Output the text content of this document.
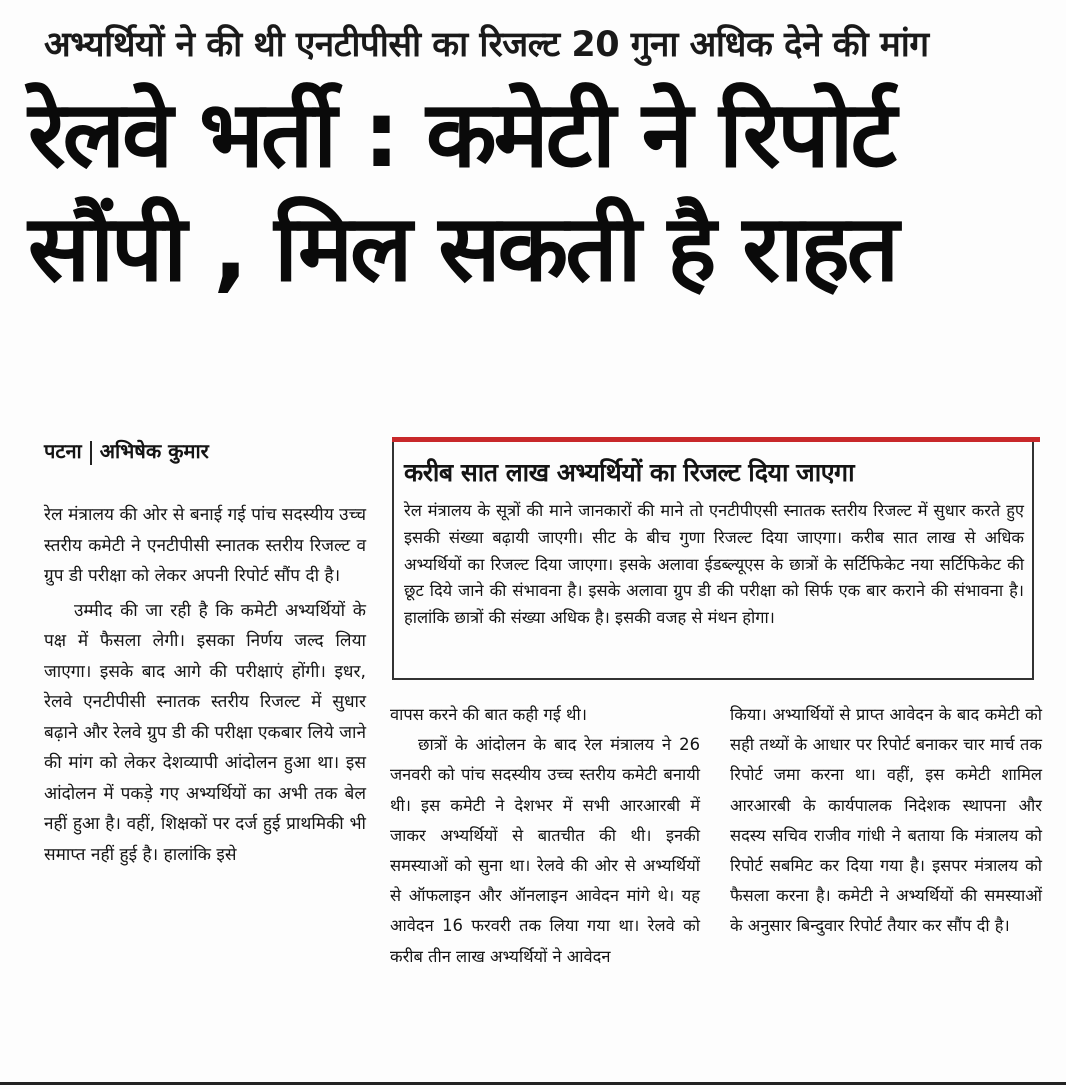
अभ्यर्थियों ने की थी एनटीपीसी का रिजल्ट 20 गुना अधिक देने की मांग
रेलवे भर्ती : कमेटी ने रिपोर्ट
सौंपी , मिल सकती है राहत
पटना अभिषेक कुमार

रेल मंत्रालय की ओर से बनाई गई पांच सदस्यीय उच्च स्तरीय कमेटी ने एनटीपीसी स्नातक स्तरीय रिजल्ट व ग्रुप डी परीक्षा को लेकर अपनी रिपोर्ट सौंप दी है।

उम्मीद की जा रही है कि कमेटी अभ्यर्थियों के पक्ष में फैसला लेगी। इसका निर्णय जल्द लिया जाएगा। इसके बाद आगे की परीक्षाएं होंगी। इधर, रेलवे एनटीपीसी स्नातक स्तरीय रिजल्ट में सुधार बढ़ाने और रेलवे ग्रुप डी की परीक्षा एकबार लिये जाने की मांग को लेकर देशव्यापी आंदोलन हुआ था। इस आंदोलन में पकड़े गए अभ्यर्थियों का अभी तक बेल नहीं हुआ है। वहीं, शिक्षकों पर दर्ज हुई प्राथमिकी भी समाप्त नहीं हुई है। हालांकि इसे

करीब सात लाख अभ्यर्थियों का रिजल्ट दिया जाएगा
रेल मंत्रालय के सूत्रों की माने जानकारों की माने तो एनटीपीएसी स्नातक स्तरीय रिजल्ट में सुधार करते हुए इसकी संख्या बढ़ायी जाएगी। सीट के बीच गुणा रिजल्ट दिया जाएगा। करीब सात लाख से अधिक अभ्यर्थियों का रिजल्ट दिया जाएगा। इसके अलावा ईडब्ल्यूएस के छात्रों के सर्टिफिकेट नया सर्टिफिकेट की छूट दिये जाने की संभावना है। इसके अलावा ग्रुप डी की परीक्षा को सिर्फ एक बार कराने की संभावना है। हालांकि छात्रों की संख्या अधिक है। इसकी वजह से मंथन होगा।

वापस करने की बात कही गई थी।

छात्रों के आंदोलन के बाद रेल मंत्रालय ने 26 जनवरी को पांच सदस्यीय उच्च स्तरीय कमेटी बनायी थी। इस कमेटी ने देशभर में सभी आरआरबी में जाकर अभ्यर्थियों से बातचीत की थी। इनकी समस्याओं को सुना था। रेलवे की ओर से अभ्यर्थियों से ऑफलाइन और ऑनलाइन आवेदन मांगे थे। यह आवेदन 16 फरवरी तक लिया गया था। रेलवे को करीब तीन लाख अभ्यर्थियों ने आवेदन

किया। अभ्यार्थियों से प्राप्त आवेदन के बाद कमेटी को सही तथ्यों के आधार पर रिपोर्ट बनाकर चार मार्च तक रिपोर्ट जमा करना था। वहीं, इस कमेटी शामिल आरआरबी के कार्यपालक निदेशक स्थापना और सदस्य सचिव राजीव गांधी ने बताया कि मंत्रालय को रिपोर्ट सबमिट कर दिया गया है। इसपर मंत्रालय को फैसला करना है। कमेटी ने अभ्यर्थियों की समस्याओं के अनुसार बिन्दुवार रिपोर्ट तैयार कर सौंप दी है।
